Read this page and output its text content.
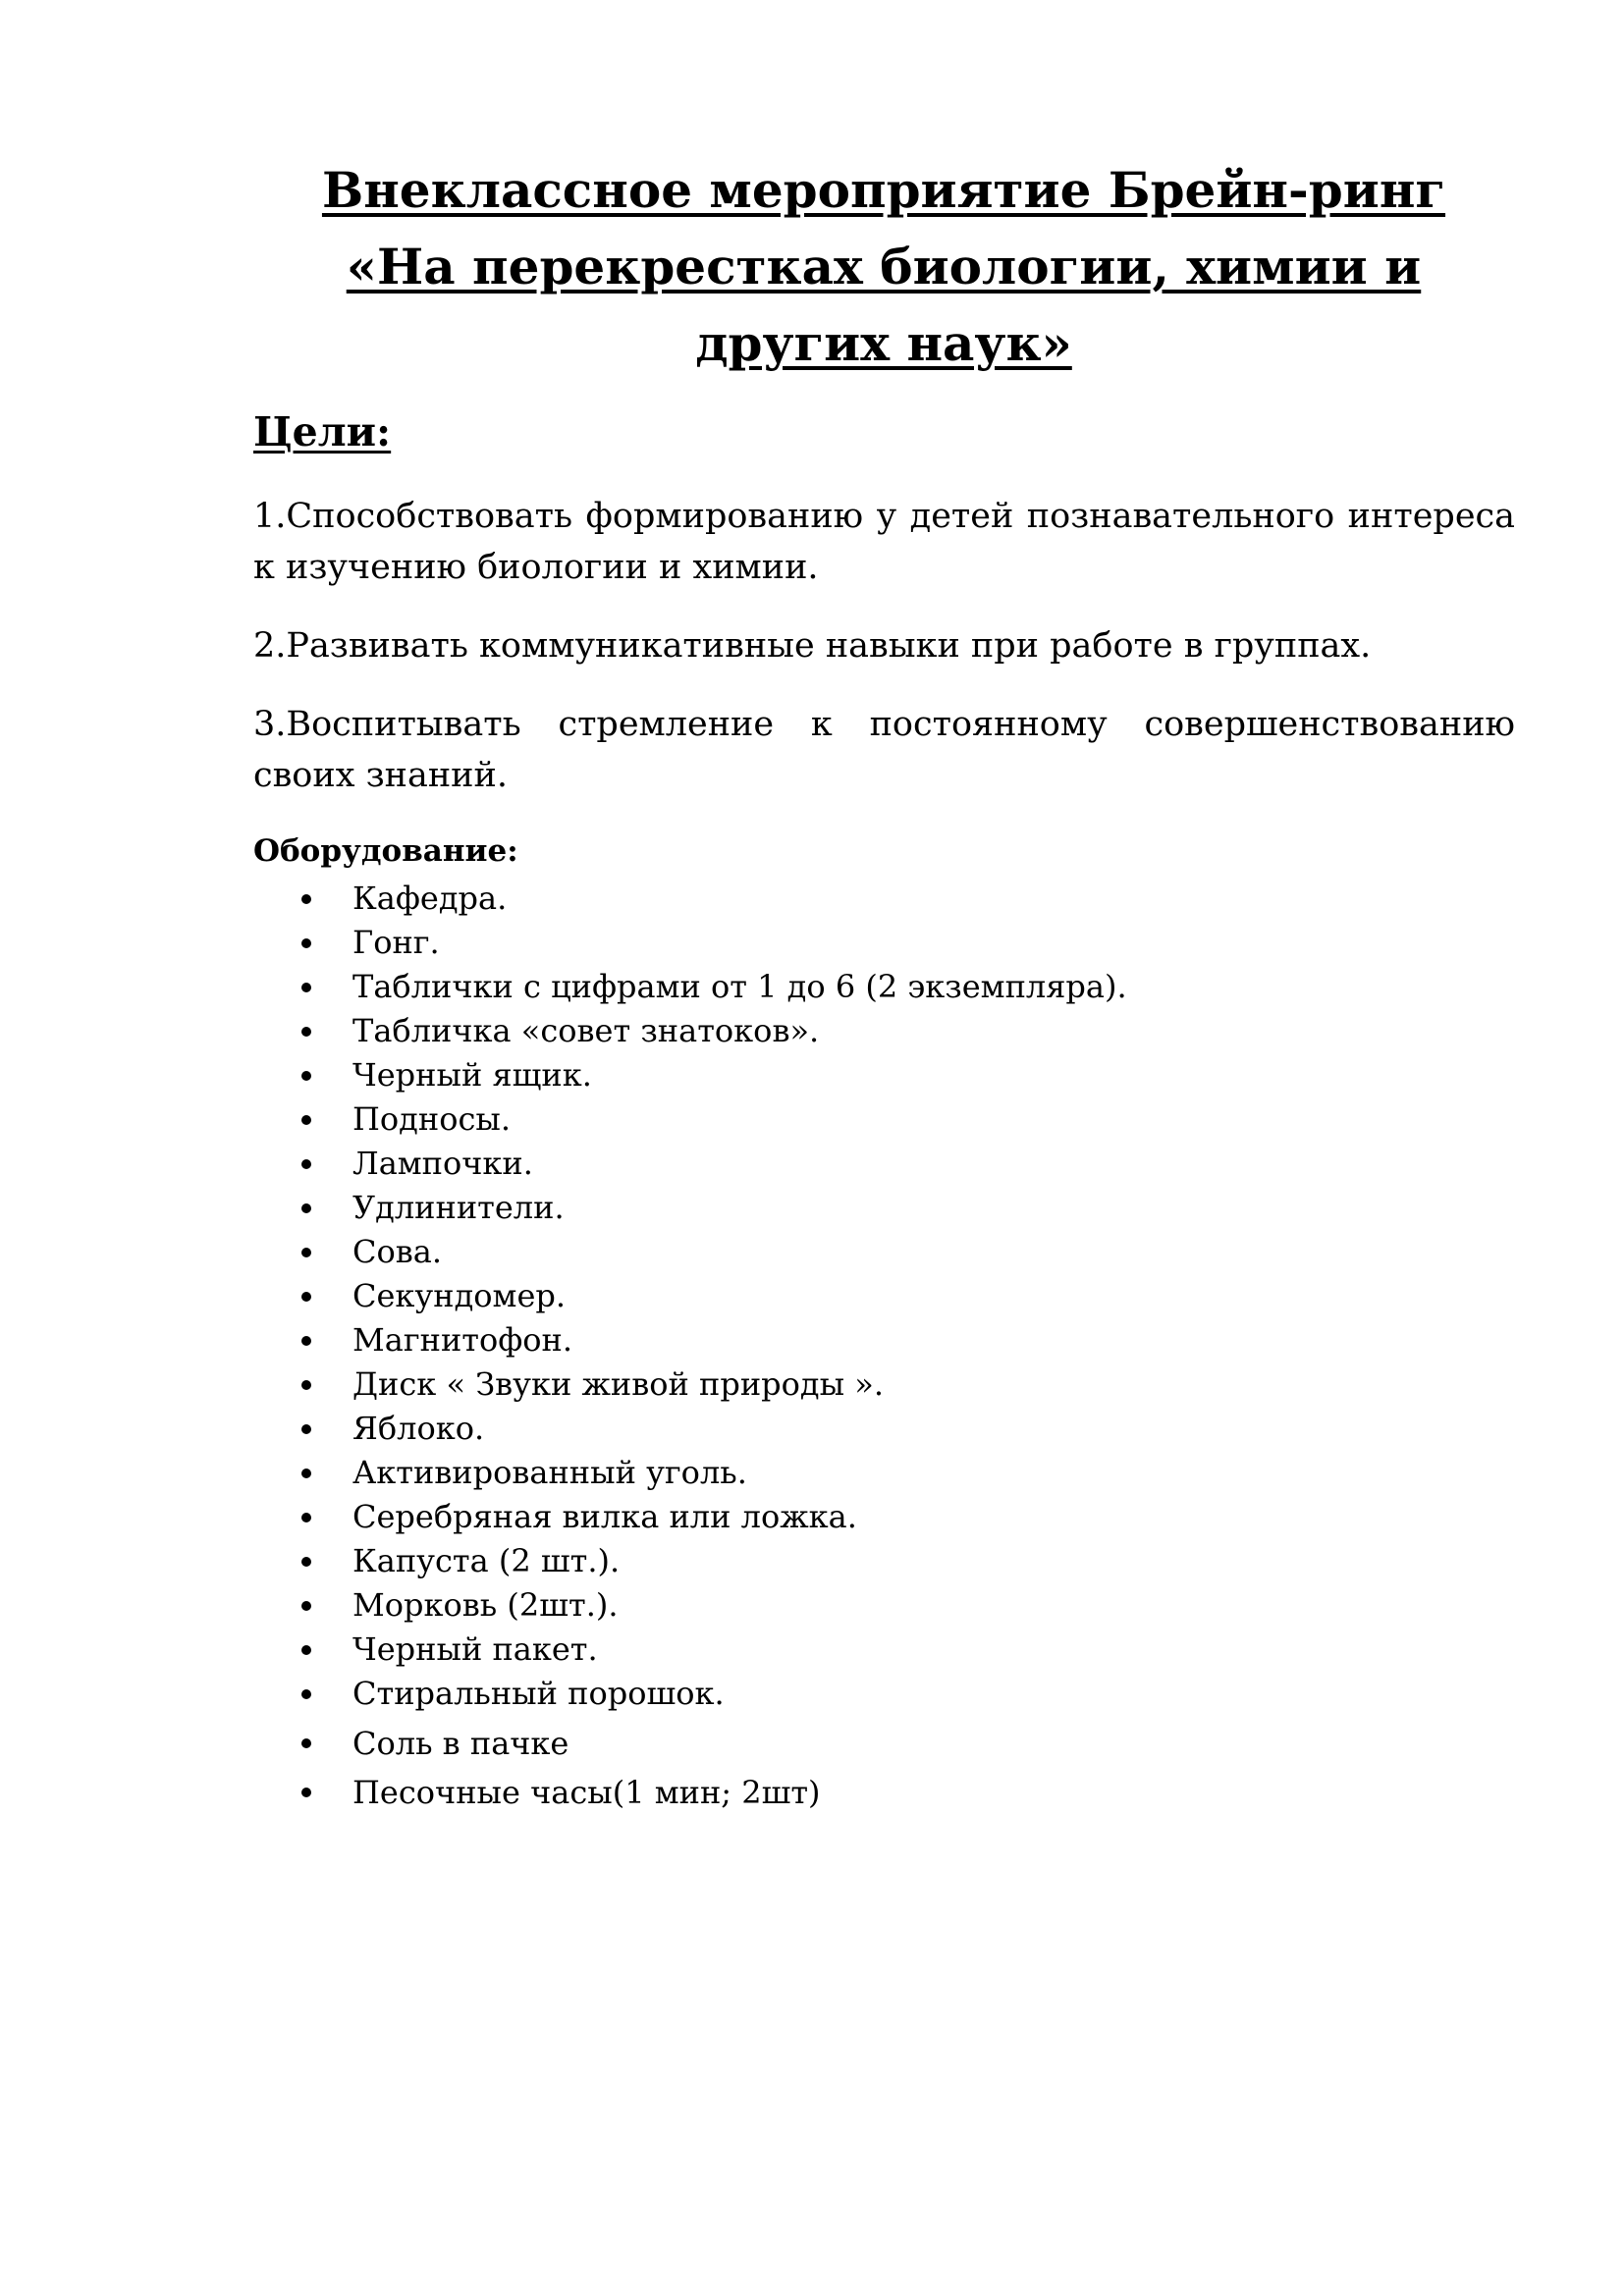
Внеклассное мероприятие Брейн-ринг
«На перекрестках биологии, химии и
других наук»
Цели:

1.Способствовать формированию у детей познавательного интереса к изучению биологии и химии.

2.Развивать коммуникативные навыки при работе в группах.

3.Воспитывать стремление к постоянному совершенствованию своих знаний.

Оборудование:
Кафедра.
Гонг.
Таблички с цифрами от 1 до 6 (2 экземпляра).
Табличка «совет знатоков».
Черный ящик.
Подносы.
Лампочки.
Удлинители.
Сова.
Секундомер.
Магнитофон.
Диск « Звуки живой природы ».
Яблоко.
Активированный уголь.
Серебряная вилка или ложка.
Капуста (2 шт.).
Морковь (2шт.).
Черный пакет.
Стиральный порошок.
Соль в пачке
Песочные часы(1 мин; 2шт)
